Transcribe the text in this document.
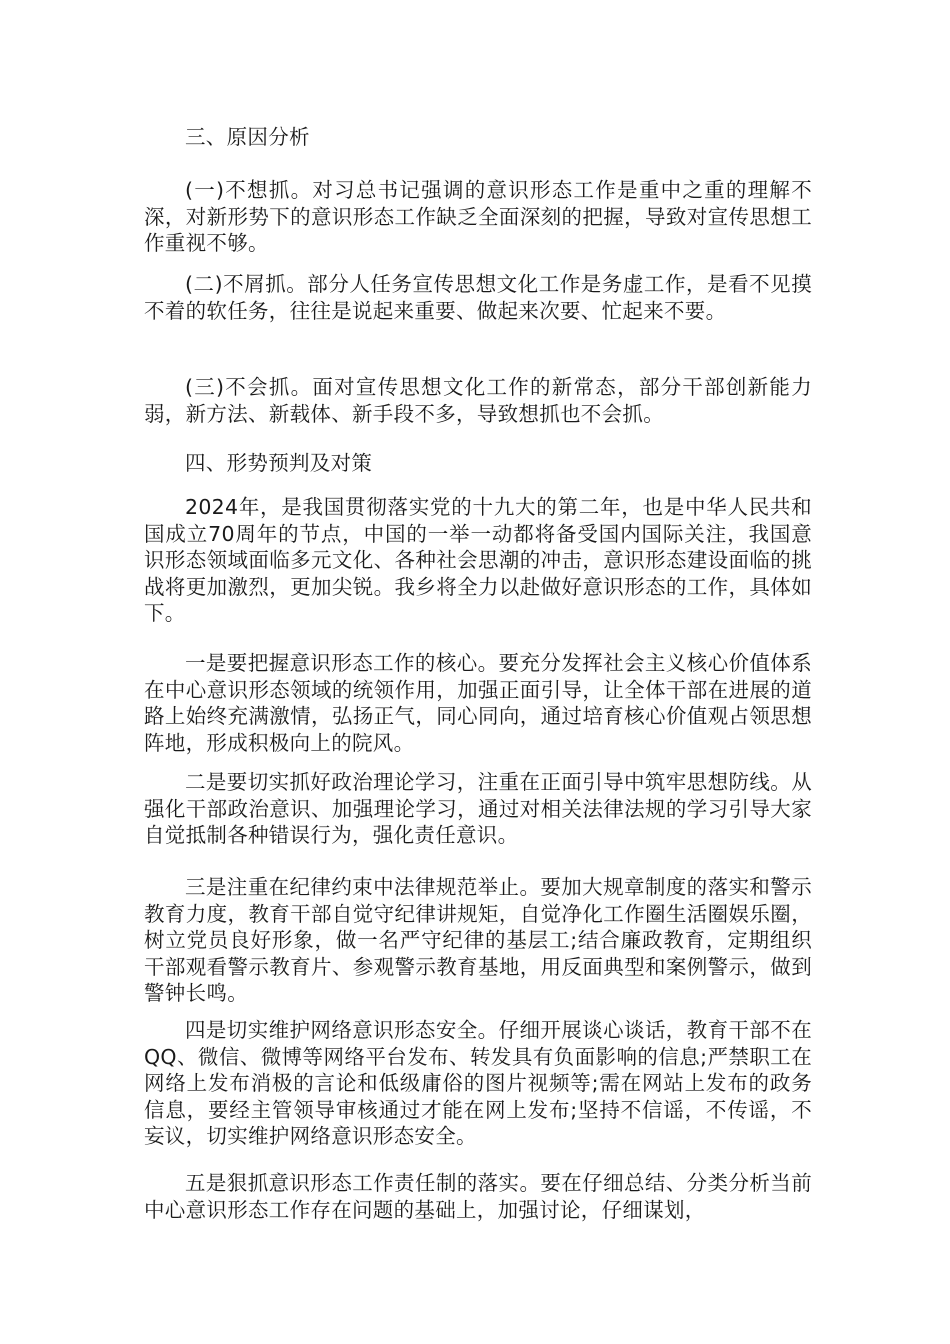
三、原因分析

(一)不想抓。对习总书记强调的意识形态工作是重中之重的理解不深，对新形势下的意识形态工作缺乏全面深刻的把握，导致对宣传思想工作重视不够。

(二)不屑抓。部分人任务宣传思想文化工作是务虚工作，是看不见摸不着的软任务，往往是说起来重要、做起来次要、忙起来不要。

(三)不会抓。面对宣传思想文化工作的新常态，部分干部创新能力弱，新方法、新载体、新手段不多，导致想抓也不会抓。

四、形势预判及对策

2024年，是我国贯彻落实党的十九大的第二年，也是中华人民共和国成立70周年的节点，中国的一举一动都将备受国内国际关注，我国意识形态领域面临多元文化、各种社会思潮的冲击，意识形态建设面临的挑战将更加激烈，更加尖锐。我乡将全力以赴做好意识形态的工作，具体如下。

一是要把握意识形态工作的核心。要充分发挥社会主义核心价值体系在中心意识形态领域的统领作用，加强正面引导，让全体干部在进展的道路上始终充满激情，弘扬正气，同心同向，通过培育核心价值观占领思想阵地，形成积极向上的院风。

二是要切实抓好政治理论学习，注重在正面引导中筑牢思想防线。从强化干部政治意识、加强理论学习，通过对相关法律法规的学习引导大家自觉抵制各种错误行为，强化责任意识。

三是注重在纪律约束中法律规范举止。要加大规章制度的落实和警示教育力度，教育干部自觉守纪律讲规矩，自觉净化工作圈生活圈娱乐圈，树立党员良好形象，做一名严守纪律的基层工;结合廉政教育，定期组织干部观看警示教育片、参观警示教育基地，用反面典型和案例警示，做到警钟长鸣。

四是切实维护网络意识形态安全。仔细开展谈心谈话，教育干部不在QQ、微信、微博等网络平台发布、转发具有负面影响的信息;严禁职工在网络上发布消极的言论和低级庸俗的图片视频等;需在网站上发布的政务信息，要经主管领导审核通过才能在网上发布;坚持不信谣，不传谣，不妄议，切实维护网络意识形态安全。

五是狠抓意识形态工作责任制的落实。要在仔细总结、分类分析当前中心意识形态工作存在问题的基础上，加强讨论，仔细谋划，
